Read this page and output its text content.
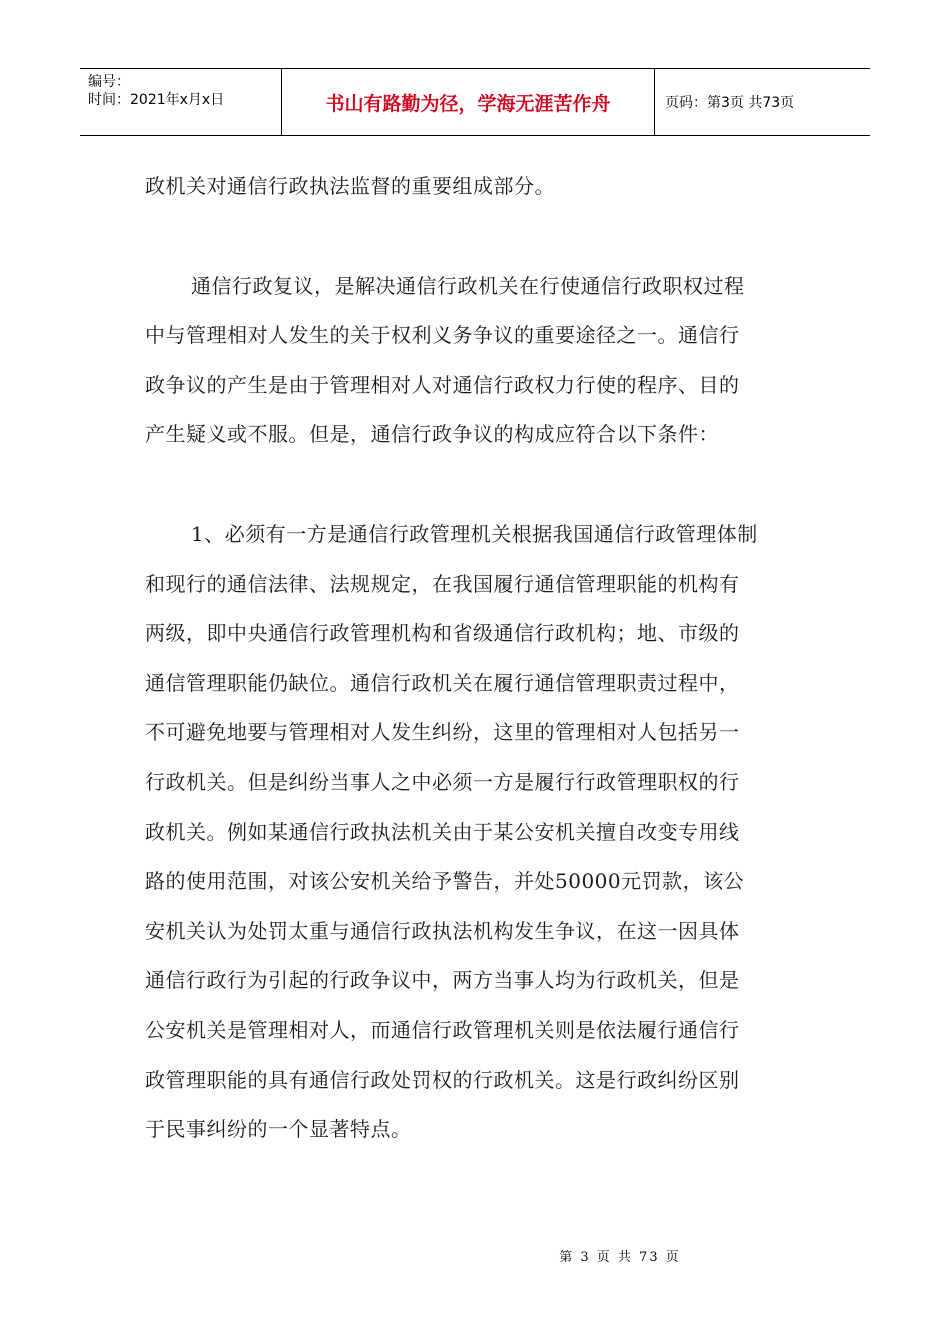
编号：
时间：2021年x月x日	书山有路勤为径，学海无涯苦作舟	页码：第3页 共73页
政机关对通信行政执法监督的重要组成部分。
通信行政复议，是解决通信行政机关在行使通信行政职权过程
中与管理相对人发生的关于权利义务争议的重要途径之一。通信行
政争议的产生是由于管理相对人对通信行政权力行使的程序、目的
产生疑义或不服。但是，通信行政争议的构成应符合以下条件：
1、必须有一方是通信行政管理机关根据我国通信行政管理体制
和现行的通信法律、法规规定，在我国履行通信管理职能的机构有
两级，即中央通信行政管理机构和省级通信行政机构；地、市级的
通信管理职能仍缺位。通信行政机关在履行通信管理职责过程中，
不可避免地要与管理相对人发生纠纷，这里的管理相对人包括另一
行政机关。但是纠纷当事人之中必须一方是履行行政管理职权的行
政机关。例如某通信行政执法机关由于某公安机关擅自改变专用线
路的使用范围，对该公安机关给予警告，并处50000元罚款，该公
安机关认为处罚太重与通信行政执法机构发生争议，在这一因具体
通信行政行为引起的行政争议中，两方当事人均为行政机关，但是
公安机关是管理相对人，而通信行政管理机关则是依法履行通信行
政管理职能的具有通信行政处罚权的行政机关。这是行政纠纷区别
于民事纠纷的一个显著特点。
第 3 页 共 73 页
